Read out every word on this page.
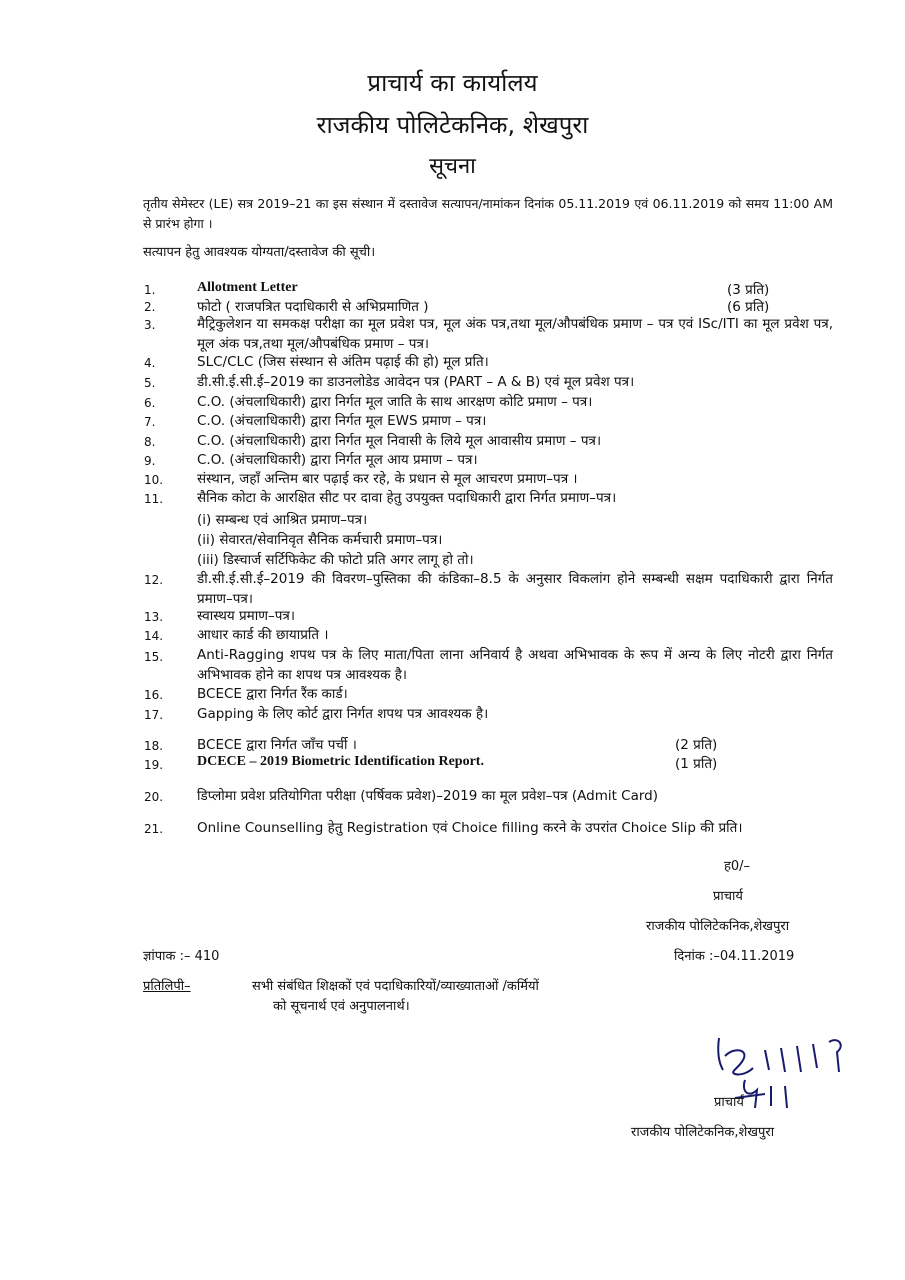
प्राचार्य का कार्यालय
राजकीय पोलिटेकनिक, शेखपुरा
सूचना
तृतीय सेमेस्टर (LE) सत्र 2019–21 का इस संस्थान में दस्तावेज सत्यापन/नामांकन दिनांक 05.11.2019 एवं 06.11.2019 को समय 11:00 AM से प्रारंभ होगा ।
सत्यापन हेतु आवश्यक योग्यता/दस्तावेज की सूची।
1.	Allotment Letter	(3 प्रति)
2.	फोटो ( राजपत्रित पदाधिकारी से अभिप्रमाणित )	(6 प्रति)
3.	मैट्रिकुलेशन या समकक्ष परीक्षा का मूल प्रवेश पत्र, मूल अंक पत्र,तथा मूल/औपबंधिक प्रमाण – पत्र एवं ISc/ITI का मूल प्रवेश पत्र, मूल अंक पत्र,तथा मूल/औपबंधिक प्रमाण – पत्र।
4.	SLC/CLC (जिस संस्थान से अंतिम पढ़ाई की हो) मूल प्रति।
5.	डी.सी.ई.सी.ई–2019 का डाउनलोडेड आवेदन पत्र (PART – A & B) एवं मूल प्रवेश पत्र।
6.	C.O. (अंचलाधिकारी) द्वारा निर्गत मूल जाति के साथ आरक्षण कोटि प्रमाण – पत्र।
7.	C.O. (अंचलाधिकारी) द्वारा निर्गत मूल EWS प्रमाण – पत्र।
8.	C.O. (अंचलाधिकारी) द्वारा निर्गत मूल निवासी के लिये मूल आवासीय प्रमाण – पत्र।
9.	C.O. (अंचलाधिकारी) द्वारा निर्गत मूल आय प्रमाण – पत्र।
10.	संस्थान, जहाँ अन्तिम बार पढ़ाई कर रहे, के प्रधान से मूल आचरण प्रमाण–पत्र ।
11.	सैनिक कोटा के आरक्षित सीट पर दावा हेतु उपयुक्त पदाधिकारी द्वारा निर्गत प्रमाण–पत्र।
(i) सम्बन्ध एवं आश्रित प्रमाण–पत्र।
(ii) सेवारत/सेवानिवृत सैनिक कर्मचारी प्रमाण–पत्र।
(iii) डिस्चार्ज सर्टिफिकेट की फोटो प्रति अगर लागू हो तो।
12.	डी.सी.ई.सी.ई–2019 की विवरण–पुस्तिका की कंडिका–8.5 के अनुसार विकलांग होने सम्बन्धी सक्षम पदाधिकारी द्वारा निर्गत प्रमाण–पत्र।
13.	स्वास्थय प्रमाण–पत्र।
14.	आधार कार्ड की छायाप्रति ।
15.	Anti-Ragging शपथ पत्र के लिए माता/पिता लाना अनिवार्य है अथवा अभिभावक के रूप में अन्य के लिए नोटरी द्वारा निर्गत अभिभावक होने का शपथ पत्र आवश्यक है।
16.	BCECE द्वारा निर्गत रैंक कार्ड।
17.	Gapping के लिए कोर्ट द्वारा निर्गत शपथ पत्र आवश्यक है।
18.	BCECE द्वारा निर्गत जाँच पर्ची ।	(2 प्रति)
19.	DCECE – 2019 Biometric Identification Report.	(1 प्रति)
20.	डिप्लोमा प्रवेश प्रतियोगिता परीक्षा (पर्षिवक प्रवेश)–2019 का मूल प्रवेश–पत्र (Admit Card)
21.	Online Counselling हेतु Registration एवं Choice filling करने के उपरांत Choice Slip की प्रति।
ह0/–
प्राचार्य
राजकीय पोलिटेकनिक,शेखपुरा
ज्ञांपाक :– 410	दिनांक :–04.11.2019
प्रतिलिपी–	सभी संबंधित शिक्षकों एवं पदाधिकारियों/व्याख्याताओं /कर्मियों
को सूचनार्थ एवं अनुपालनार्थ।
प्राचार्य
राजकीय पोलिटेकनिक,शेखपुरा
